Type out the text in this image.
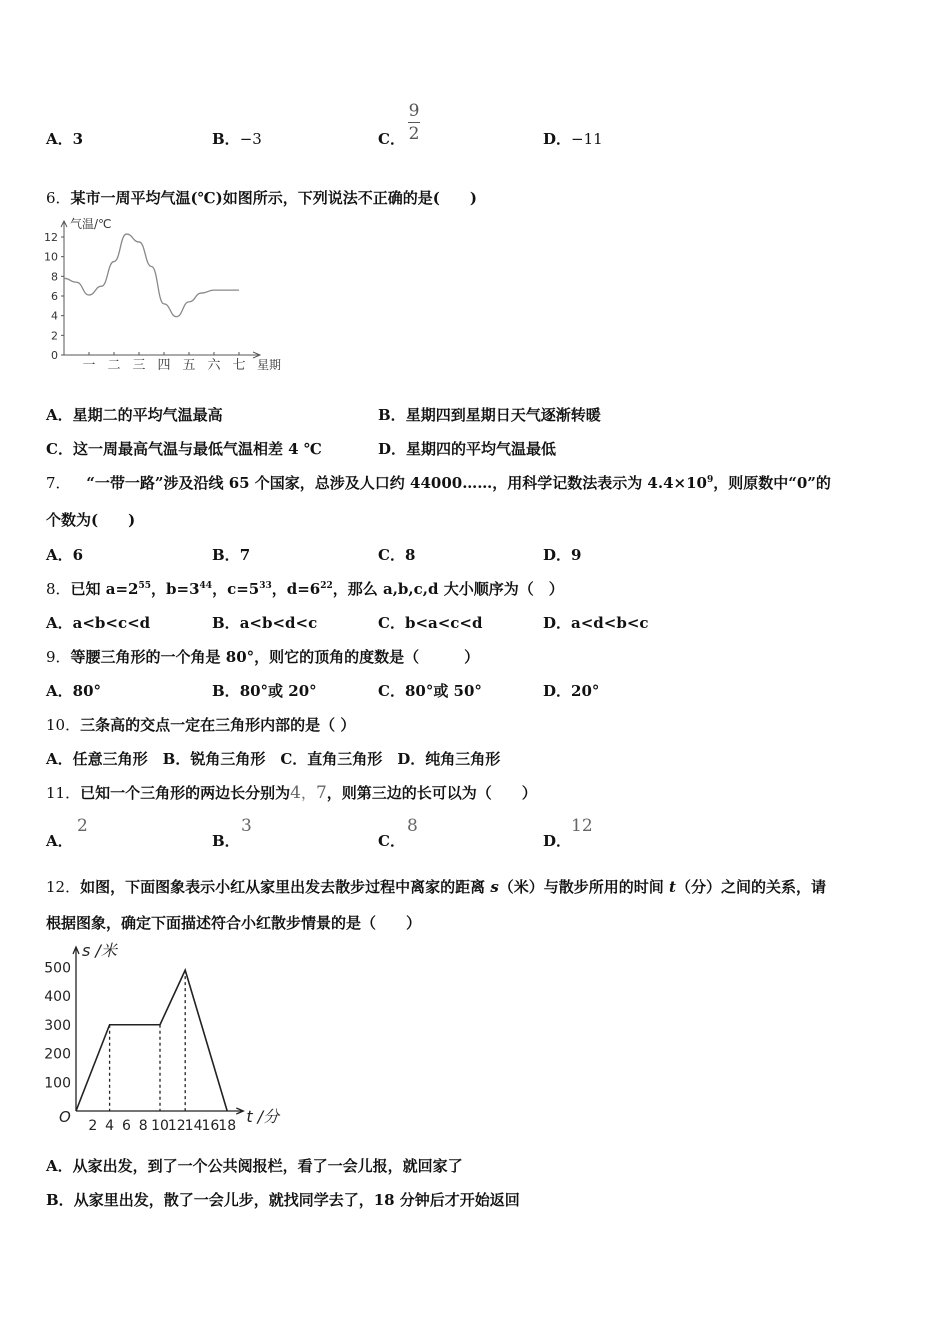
A．3	B．−3	C．
9
2	D．−11
6．某市一周平均气温(℃)如图所示，下列说法不正确的是(　　)
气温/℃
星期
0
2
4
6
8
10
12
一 二 三 四 五 六 七
A．星期二的平均气温最高	B．星期四到星期日天气逐渐转暖
C．这一周最高气温与最低气温相差 4 ℃	D．星期四的平均气温最低
7． “一带一路”涉及沿线 65 个国家，总涉及人口约 44000……，用科学记数法表示为 $4.4\times 10^9$，则原数中“0”的
个数为(　　)
A．6	B．7	C．8	D．9
8．已知 $a=2^{55}$，$b=3^{44}$，$c=5^{33}$，$d=6^{22}$，那么 a,b,c,d 大小顺序为（　）
A．a<b<c<d	B．a<b<d<c	C．b<a<c<d	D．a<d<b<c
9．等腰三角形的一个角是 80°，则它的顶角的度数是（　　　）
A．80°	B．80°或 20°	C．80°或 50°	D．20°
10．三条高的交点一定在三角形内部的是（ ）
A．任意三角形　B．锐角三角形　C．直角三角形　D．纯角三角形
11．已知一个三角形的两边长分别为4，7，则第三边的长可以为（　　）
A．
2
B．
3
C．
8
D．
12
12．如图，下面图象表示小红从家里出发去散步过程中离家的距离 s（米）与散步所用的时间 t（分）之间的关系，请
根据图象，确定下面描述符合小红散步情景的是（　　）
s /米
t /分
O
100
200
300
400
500
2 4 6 8 10
12
14
16
18
A．从家出发，到了一个公共阅报栏，看了一会儿报，就回家了
B．从家里出发，散了一会儿步，就找同学去了，18 分钟后才开始返回
